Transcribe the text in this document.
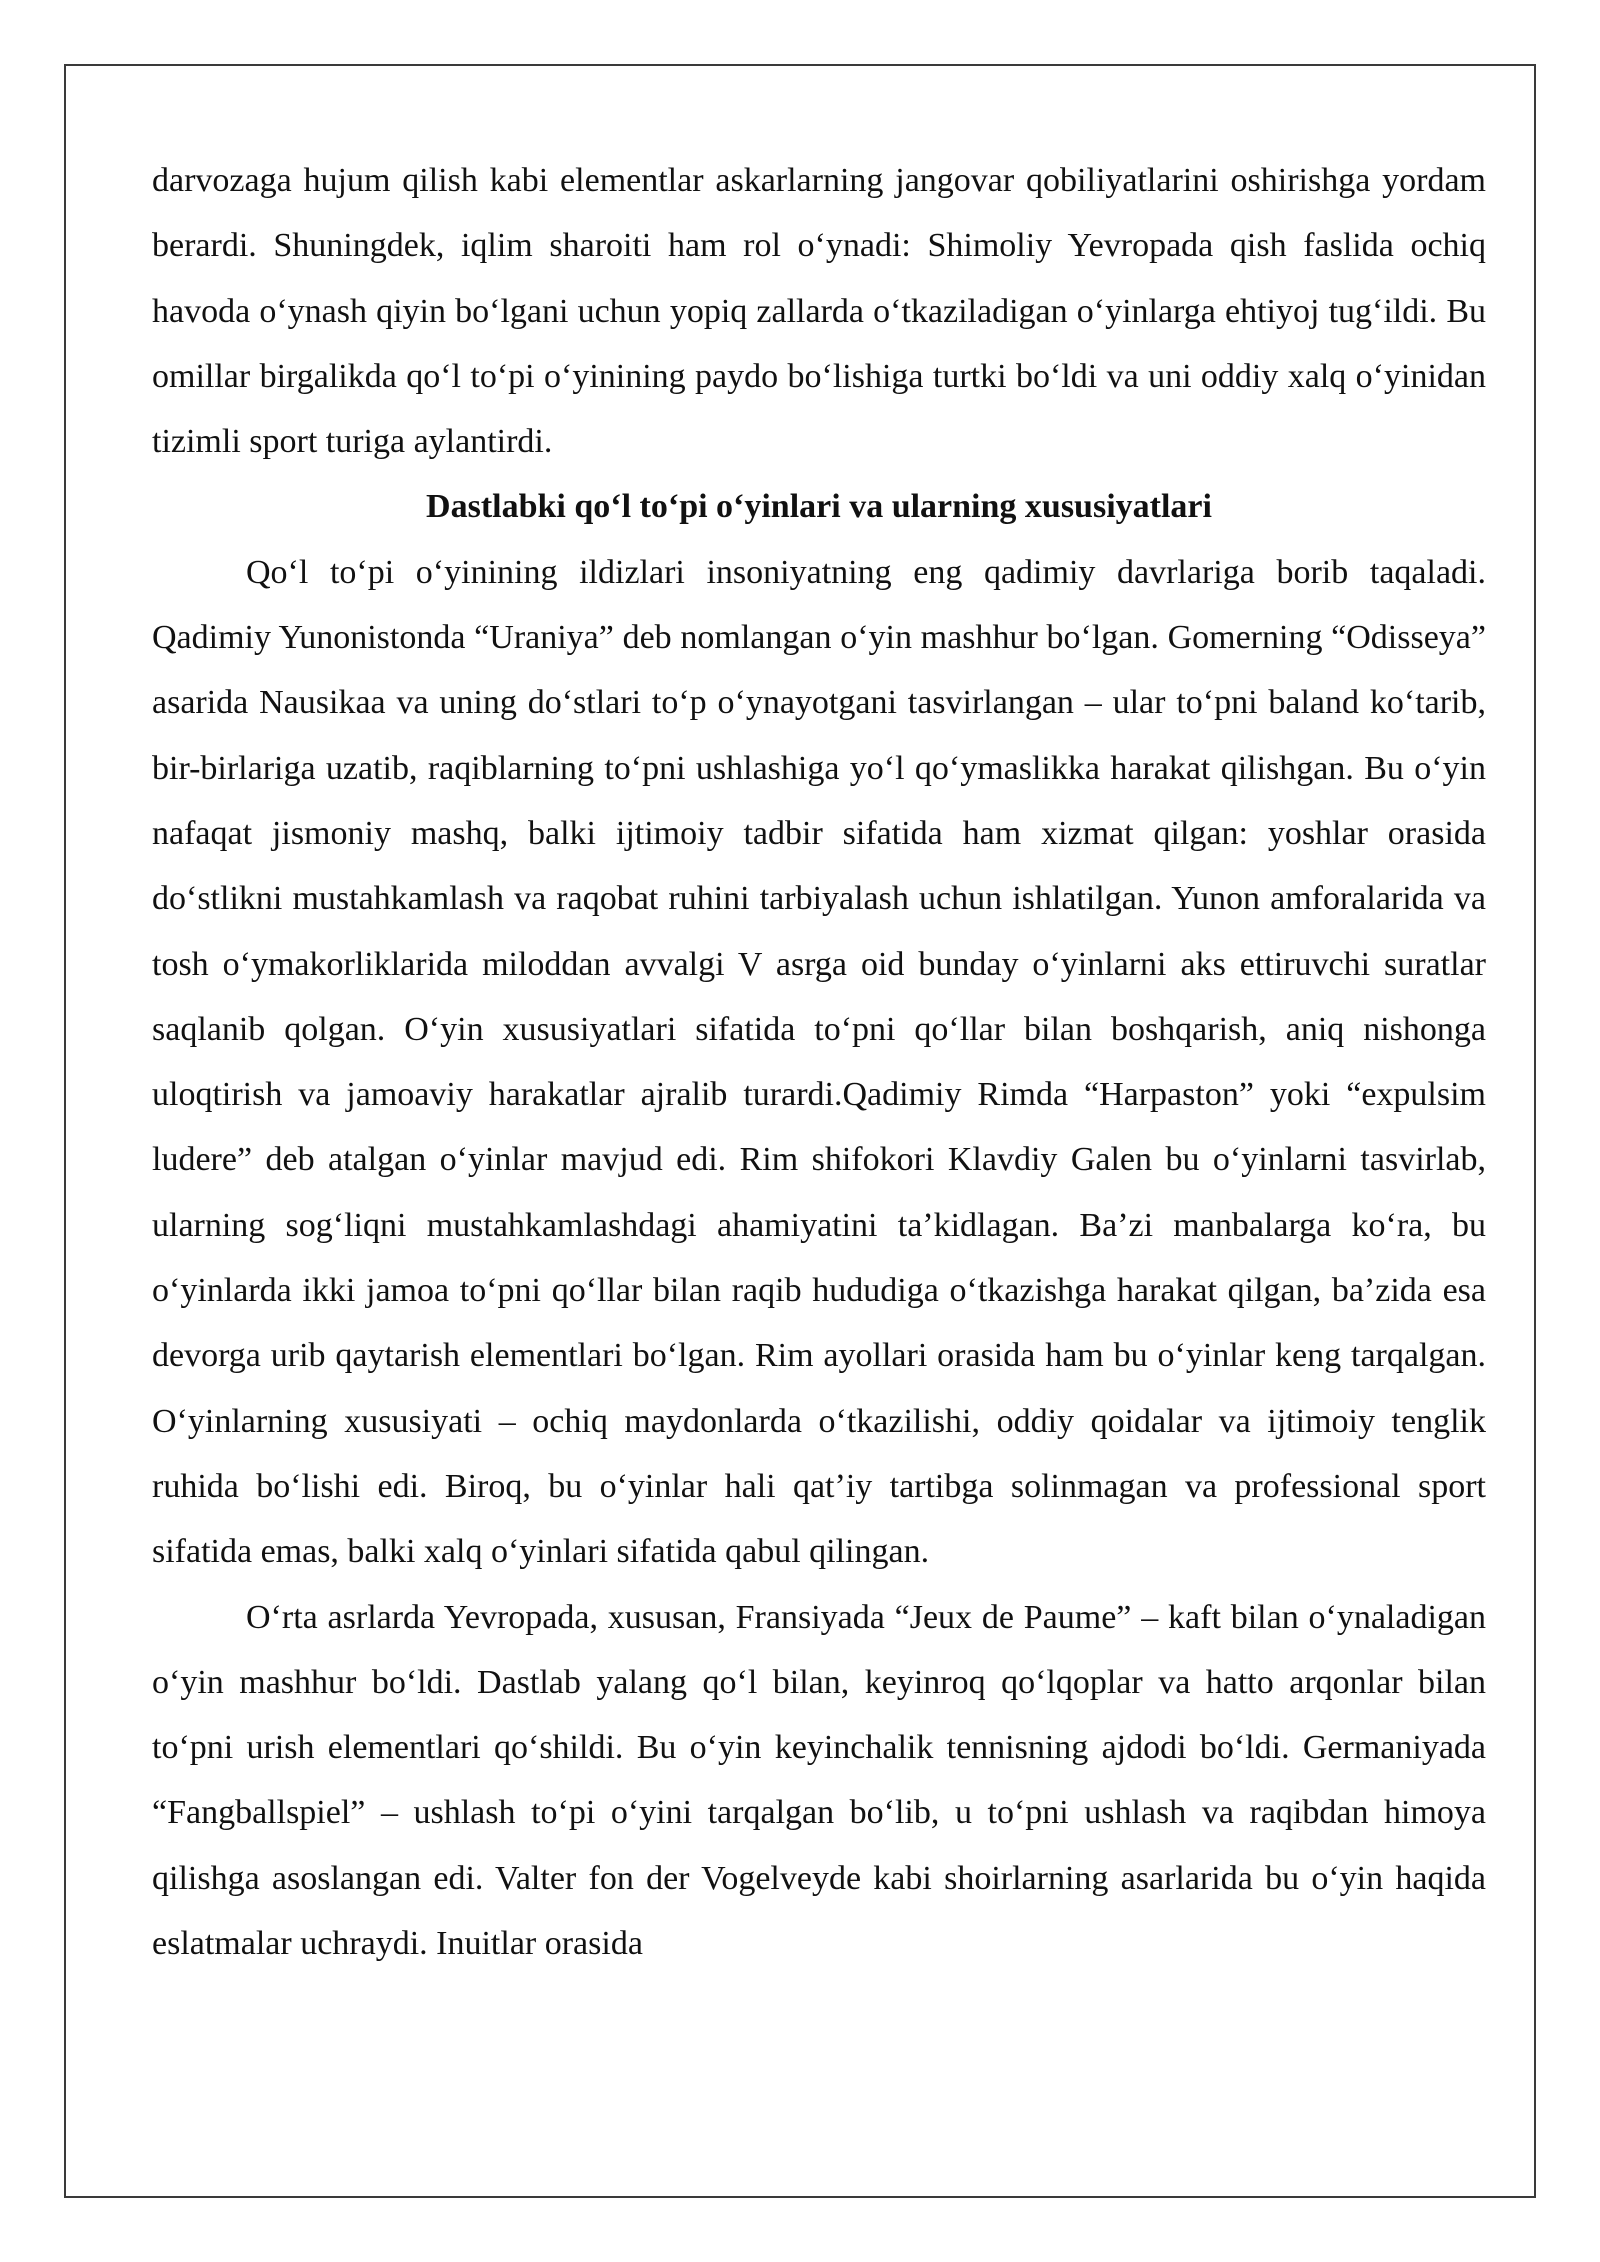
darvozaga hujum qilish kabi elementlar askarlarning jangovar qobiliyatlarini oshirishga yordam berardi. Shuningdek, iqlim sharoiti ham rol oʻynadi: Shimoliy Yevropada qish faslida ochiq havoda oʻynash qiyin boʻlgani uchun yopiq zallarda oʻtkaziladigan oʻyinlarga ehtiyoj tugʻildi. Bu omillar birgalikda qoʻl toʻpi oʻyinining paydo boʻlishiga turtki boʻldi va uni oddiy xalq oʻyinidan tizimli sport turiga aylantirdi.

Dastlabki qoʻl toʻpi oʻyinlari va ularning xususiyatlari

Qoʻl toʻpi oʻyinining ildizlari insoniyatning eng qadimiy davrlariga borib taqaladi. Qadimiy Yunonistonda “Uraniya” deb nomlangan oʻyin mashhur boʻlgan. Gomerning “Odisseya” asarida Nausikaa va uning doʻstlari toʻp oʻynayotgani tasvirlangan – ular toʻpni baland koʻtarib, bir-birlariga uzatib, raqiblarning toʻpni ushlashiga yoʻl qoʻymaslikka harakat qilishgan. Bu oʻyin nafaqat jismoniy mashq, balki ijtimoiy tadbir sifatida ham xizmat qilgan: yoshlar orasida doʻstlikni mustahkamlash va raqobat ruhini tarbiyalash uchun ishlatilgan. Yunon amforalarida va tosh oʻymakorliklarida miloddan avvalgi V asrga oid bunday oʻyinlarni aks ettiruvchi suratlar saqlanib qolgan. Oʻyin xususiyatlari sifatida toʻpni qoʻllar bilan boshqarish, aniq nishonga uloqtirish va jamoaviy harakatlar ajralib turardi.Qadimiy Rimda “Harpaston” yoki “expulsim ludere” deb atalgan oʻyinlar mavjud edi. Rim shifokori Klavdiy Galen bu oʻyinlarni tasvirlab, ularning sogʻliqni mustahkamlashdagi ahamiyatini taʼkidlagan. Baʼzi manbalarga koʻra, bu oʻyinlarda ikki jamoa toʻpni qoʻllar bilan raqib hududiga oʻtkazishga harakat qilgan, baʼzida esa devorga urib qaytarish elementlari boʻlgan. Rim ayollari orasida ham bu oʻyinlar keng tarqalgan. Oʻyinlarning xususiyati – ochiq maydonlarda oʻtkazilishi, oddiy qoidalar va ijtimoiy tenglik ruhida boʻlishi edi. Biroq, bu oʻyinlar hali qatʼiy tartibga solinmagan va professional sport sifatida emas, balki xalq oʻyinlari sifatida qabul qilingan.

Oʻrta asrlarda Yevropada, xususan, Fransiyada “Jeux de Paume” – kaft bilan oʻynaladigan oʻyin mashhur boʻldi. Dastlab yalang qoʻl bilan, keyinroq qoʻlqoplar va hatto arqonlar bilan toʻpni urish elementlari qoʻshildi. Bu oʻyin keyinchalik tennisning ajdodi boʻldi. Germaniyada “Fangballspiel” – ushlash toʻpi oʻyini tarqalgan boʻlib, u toʻpni ushlash va raqibdan himoya qilishga asoslangan edi. Valter fon der Vogelveyde kabi shoirlarning asarlarida bu oʻyin haqida eslatmalar uchraydi. Inuitlar orasida
